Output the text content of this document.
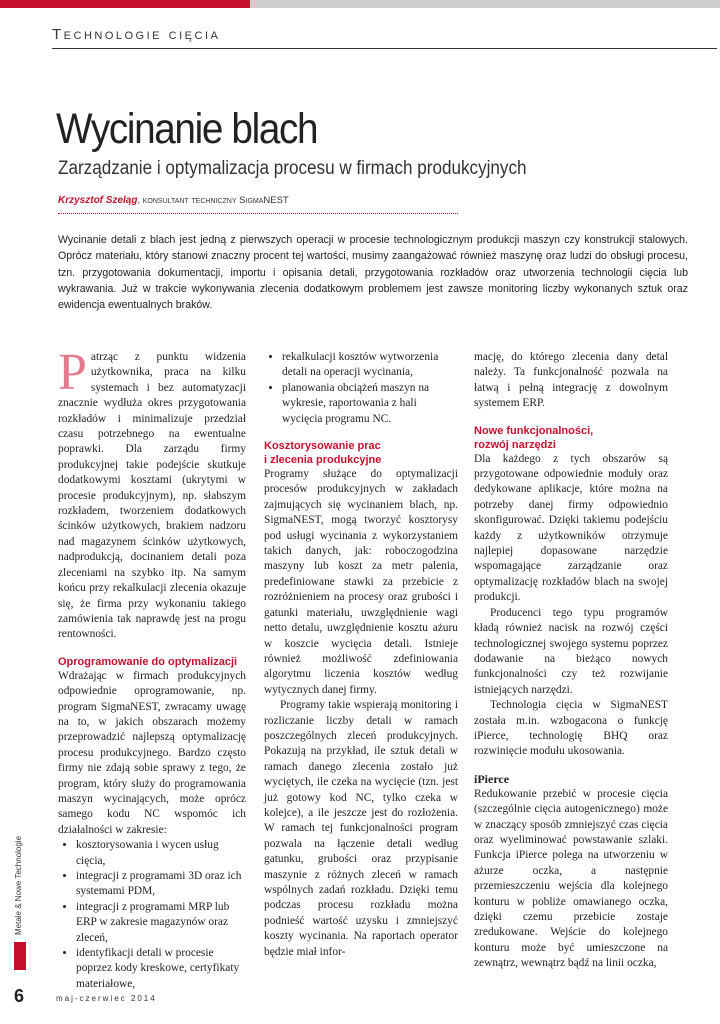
Technologie cięcia
Wycinanie blach
Zarządzanie i optymalizacja procesu w firmach produkcyjnych
Krzysztof Szeląg, konsultant techniczny SigmaNEST

Wycinanie detali z blach jest jedną z pierwszych operacji w procesie technologicznym produkcji maszyn czy konstrukcji stalowych. Oprócz materiału, który stanowi znaczny procent tej wartości, musimy zaangażować również maszynę oraz ludzi do obsługi procesu, tzn. przygotowania dokumentacji, importu i opisania detali, przygotowania rozkładów oraz utworzenia technologii cięcia lub wykrawania. Już w trakcie wykonywania zlecenia dodatkowym problemem jest zawsze monitoring liczby wykonanych sztuk oraz ewidencja ewentualnych braków.

Patrząc z punktu widzenia użytkownika, praca na kilku systemach i bez automatyzacji znacznie wydłuża okres przygotowania rozkładów i minimalizuje przedział czasu potrzebnego na ewentualne poprawki. Dla zarządu firmy produkcyjnej takie podejście skutkuje dodatkowymi kosztami (ukrytymi w procesie produkcyjnym), np. słabszym rozkładem, tworzeniem dodatkowych ścinków użytkowych, brakiem nadzoru nad magazynem ścinków użytkowych, nadprodukcją, docinaniem detali poza zleceniami na szybko itp. Na samym końcu przy rekalkulacji zlecenia okazuje się, że firma przy wykonaniu takiego zamówienia tak naprawdę jest na progu rentowności.

Oprogramowanie do optymalizacji

Wdrażając w firmach produkcyjnych odpowiednie oprogramowanie, np. program SigmaNEST, zwracamy uwagę na to, w jakich obszarach możemy przeprowadzić najlepszą optymalizację procesu produkcyjnego. Bardzo często firmy nie zdają sobie sprawy z tego, że program, który służy do programowania maszyn wycinających, może oprócz samego kodu NC wspomóc ich działalności w zakresie:

• kosztorysowania i wycen usług cięcia,
• integracji z programami 3D oraz ich systemami PDM,
• integracji z programami MRP lub ERP w zakresie magazynów oraz zleceń,
• identyfikacji detali w procesie poprzez kody kreskowe, certyfikaty materiałowe,
• rekalkulacji kosztów wytworzenia detali na operacji wycinania,
• planowania obciążeń maszyn na wykresie, raportowania z hali wycięcia programu NC.
Kosztorysowanie prac
i zlecenia produkcyjne

Programy służące do optymalizacji procesów produkcyjnych w zakładach zajmujących się wycinaniem blach, np. SigmaNEST, mogą tworzyć kosztorysy pod usługi wycinania z wykorzystaniem takich danych, jak: roboczogodzina maszyny lub koszt za metr palenia, predefiniowane stawki za przebicie z rozróżnieniem na procesy oraz grubości i gatunki materiału, uwzględnienie wagi netto detalu, uwzględnienie kosztu ażuru w koszcie wycięcia detali. Istnieje również możliwość zdefiniowania algorytmu liczenia kosztów według wytycznych danej firmy.

Programy takie wspierają monitoring i rozliczanie liczby detali w ramach poszczególnych zleceń produkcyjnych. Pokazują na przykład, ile sztuk detali w ramach danego zlecenia zostało już wyciętych, ile czeka na wycięcie (tzn. jest już gotowy kod NC, tylko czeka w kolejce), a ile jeszcze jest do rozłożenia. W ramach tej funkcjonalności program pozwala na łączenie detali według gatunku, grubości oraz przypisanie maszynie z różnych zleceń w ramach wspólnych zadań rozkładu. Dzięki temu podczas procesu rozkładu można podnieść wartość uzysku i zmniejszyć koszty wycinania. Na raportach operator będzie miał infor-

mację, do którego zlecenia dany detal należy. Ta funkcjonalność pozwala na łatwą i pełną integrację z dowolnym systemem ERP.

Nowe funkcjonalności,
rozwój narzędzi

Dla każdego z tych obszarów są przygotowane odpowiednie moduły oraz dedykowane aplikacje, które można na potrzeby danej firmy odpowiednio skonfigurować. Dzięki takiemu podejściu każdy z użytkowników otrzymuje najlepiej dopasowane narzędzie wspomagające zarządzanie oraz optymalizację rozkładów blach na swojej produkcji.

Producenci tego typu programów kładą również nacisk na rozwój części technologicznej swojego systemu poprzez dodawanie na bieżąco nowych funkcjonalności czy też rozwijanie istniejących narzędzi.

Technologia cięcia w SigmaNEST została m.in. wzbogacona o funkcję iPierce, technologię BHQ oraz rozwinięcie modułu ukosowania.

iPierce

Redukowanie przebić w procesie cięcia (szczególnie cięcia autogenicznego) może w znaczący sposób zmniejszyć czas cięcia oraz wyeliminować powstawanie szlaki. Funkcja iPierce polega na utworzeniu w ażurze oczka, a następnie przemieszczeniu wejścia dla kolejnego konturu w pobliże omawianego oczka, dzięki czemu przebicie zostaje zredukowane. Wejście do kolejnego konturu może być umieszczone na zewnątrz, wewnątrz bądź na linii oczka,

Metale & Nowe Technologie
6	maj-czerwiec 2014
